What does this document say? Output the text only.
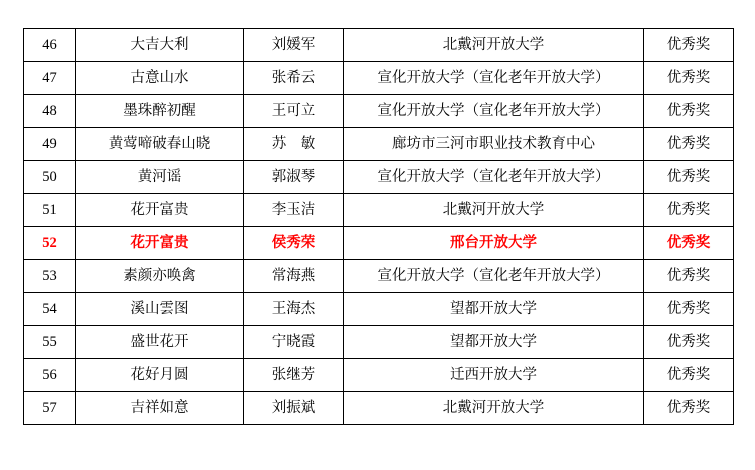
46	大吉大利	刘媛军	北戴河开放大学	优秀奖
47	古意山水	张希云	宣化开放大学（宣化老年开放大学）	优秀奖
48	墨珠醉初醒	王可立	宣化开放大学（宣化老年开放大学）	优秀奖
49	黄莺啼破春山晓	苏　敏	廊坊市三河市职业技术教育中心	优秀奖
50	黄河谣	郭淑琴	宣化开放大学（宣化老年开放大学）	优秀奖
51	花开富贵	李玉洁	北戴河开放大学	优秀奖
52	花开富贵	侯秀荣	邢台开放大学	优秀奖
53	素颜亦唤禽	常海燕	宣化开放大学（宣化老年开放大学）	优秀奖
54	溪山雲图	王海杰	望都开放大学	优秀奖
55	盛世花开	宁晓霞	望都开放大学	优秀奖
56	花好月圆	张继芳	迁西开放大学	优秀奖
57	吉祥如意	刘振斌	北戴河开放大学	优秀奖
